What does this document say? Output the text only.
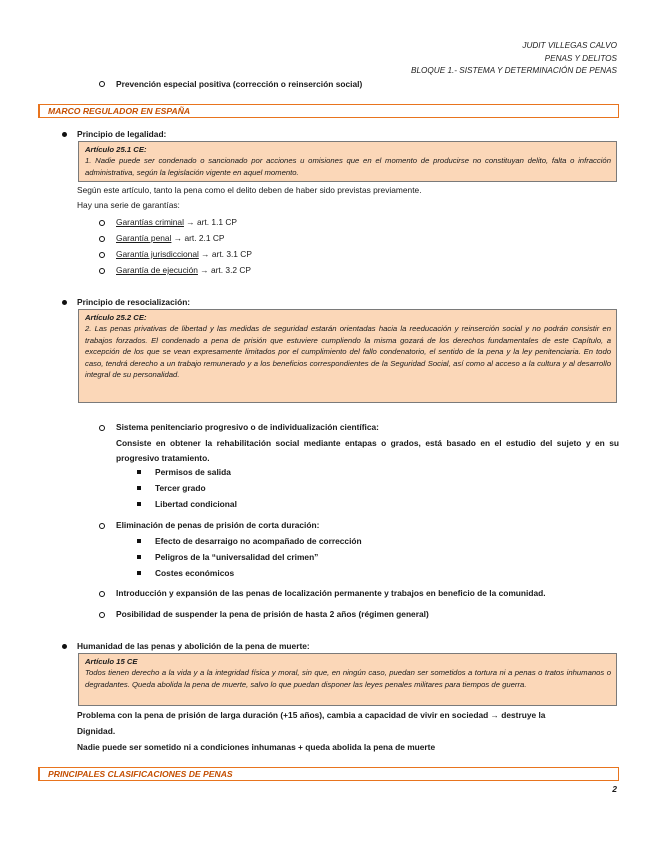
JUDIT VILLEGAS CALVO
PENAS Y DELITOS
BLOQUE 1.- SISTEMA Y DETERMINACIÓN DE PENAS
Prevención especial positiva (corrección o reinserción social)
MARCO REGULADOR EN ESPAÑA
Principio de legalidad:
Artículo 25.1 CE:
1. Nadie puede ser condenado o sancionado por acciones u omisiones que en el momento de producirse no constituyan delito, falta o infracción administrativa, según la legislación vigente en aquel momento.
Según este artículo, tanto la pena como el delito deben de haber sido previstas previamente.
Hay una serie de garantías:
Garantías criminal → art. 1.1 CP
Garantía penal → art. 2.1 CP
Garantía jurisdiccional → art. 3.1 CP
Garantía de ejecución → art. 3.2 CP
Principio de resocialización:
Artículo 25.2 CE:
2. Las penas privativas de libertad y las medidas de seguridad estarán orientadas hacia la reeducación y reinserción social y no podrán consistir en trabajos forzados. El condenado a pena de prisión que estuviere cumpliendo la misma gozará de los derechos fundamentales de este Capítulo, a excepción de los que se vean expresamente limitados por el cumplimiento del fallo condenatorio, el sentido de la pena y la ley penitenciaria. En todo caso, tendrá derecho a un trabajo remunerado y a los beneficios correspondientes de la Seguridad Social, así como al acceso a la cultura y al desarrollo integral de su personalidad.
Sistema penitenciario progresivo o de individualización científica:
Consiste en obtener la rehabilitación social mediante entapas o grados, está basado en el estudio del sujeto y en su progresivo tratamiento.
Permisos de salida
Tercer grado
Libertad condicional
Eliminación de penas de prisión de corta duración:
Efecto de desarraigo no acompañado de corrección
Peligros de la “universalidad del crimen”
Costes económicos
Introducción y expansión de las penas de localización permanente y trabajos en beneficio de la comunidad.
Posibilidad de suspender la pena de prisión de hasta 2 años (régimen general)
Humanidad de las penas y abolición de la pena de muerte:
Artículo 15 CE
Todos tienen derecho a la vida y a la integridad física y moral, sin que, en ningún caso, puedan ser sometidos a tortura ni a penas o tratos inhumanos o degradantes. Queda abolida la pena de muerte, salvo lo que puedan disponer las leyes penales militares para tiempos de guerra.
Problema con la pena de prisión de larga duración (+15 años), cambia a capacidad de vivir en sociedad → destruye la
Dignidad.
Nadie puede ser sometido ni a condiciones inhumanas + queda abolida la pena de muerte
PRINCIPALES CLASIFICACIONES DE PENAS
2
